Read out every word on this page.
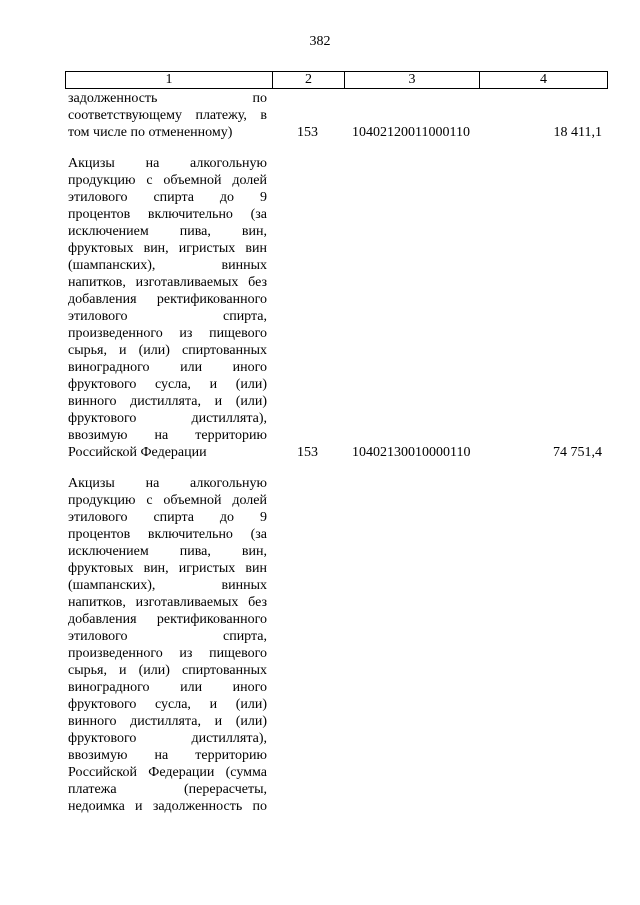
382
1	2	3	4
задолженность по
соответствующему платежу, в
том числе по отмененному)	153	10402120011000110	18 411,1
Акцизы на алкогольную
продукцию с объемной долей
этилового спирта до 9
процентов включительно (за
исключением пива, вин,
фруктовых вин, игристых вин
(шампанских), винных
напитков, изготавливаемых без
добавления ректификованного
этилового спирта,
произведенного из пищевого
сырья, и (или) спиртованных
виноградного или иного
фруктового сусла, и (или)
винного дистиллята, и (или)
фруктового дистиллята),
ввозимую на территорию
Российской Федерации	153	10402130010000110	74 751,4
Акцизы на алкогольную
продукцию с объемной долей
этилового спирта до 9
процентов включительно (за
исключением пива, вин,
фруктовых вин, игристых вин
(шампанских), винных
напитков, изготавливаемых без
добавления ректификованного
этилового спирта,
произведенного из пищевого
сырья, и (или) спиртованных
виноградного или иного
фруктового сусла, и (или)
винного дистиллята, и (или)
фруктового дистиллята),
ввозимую на территорию
Российской Федерации (сумма
платежа (перерасчеты,
недоимка и задолженность по
